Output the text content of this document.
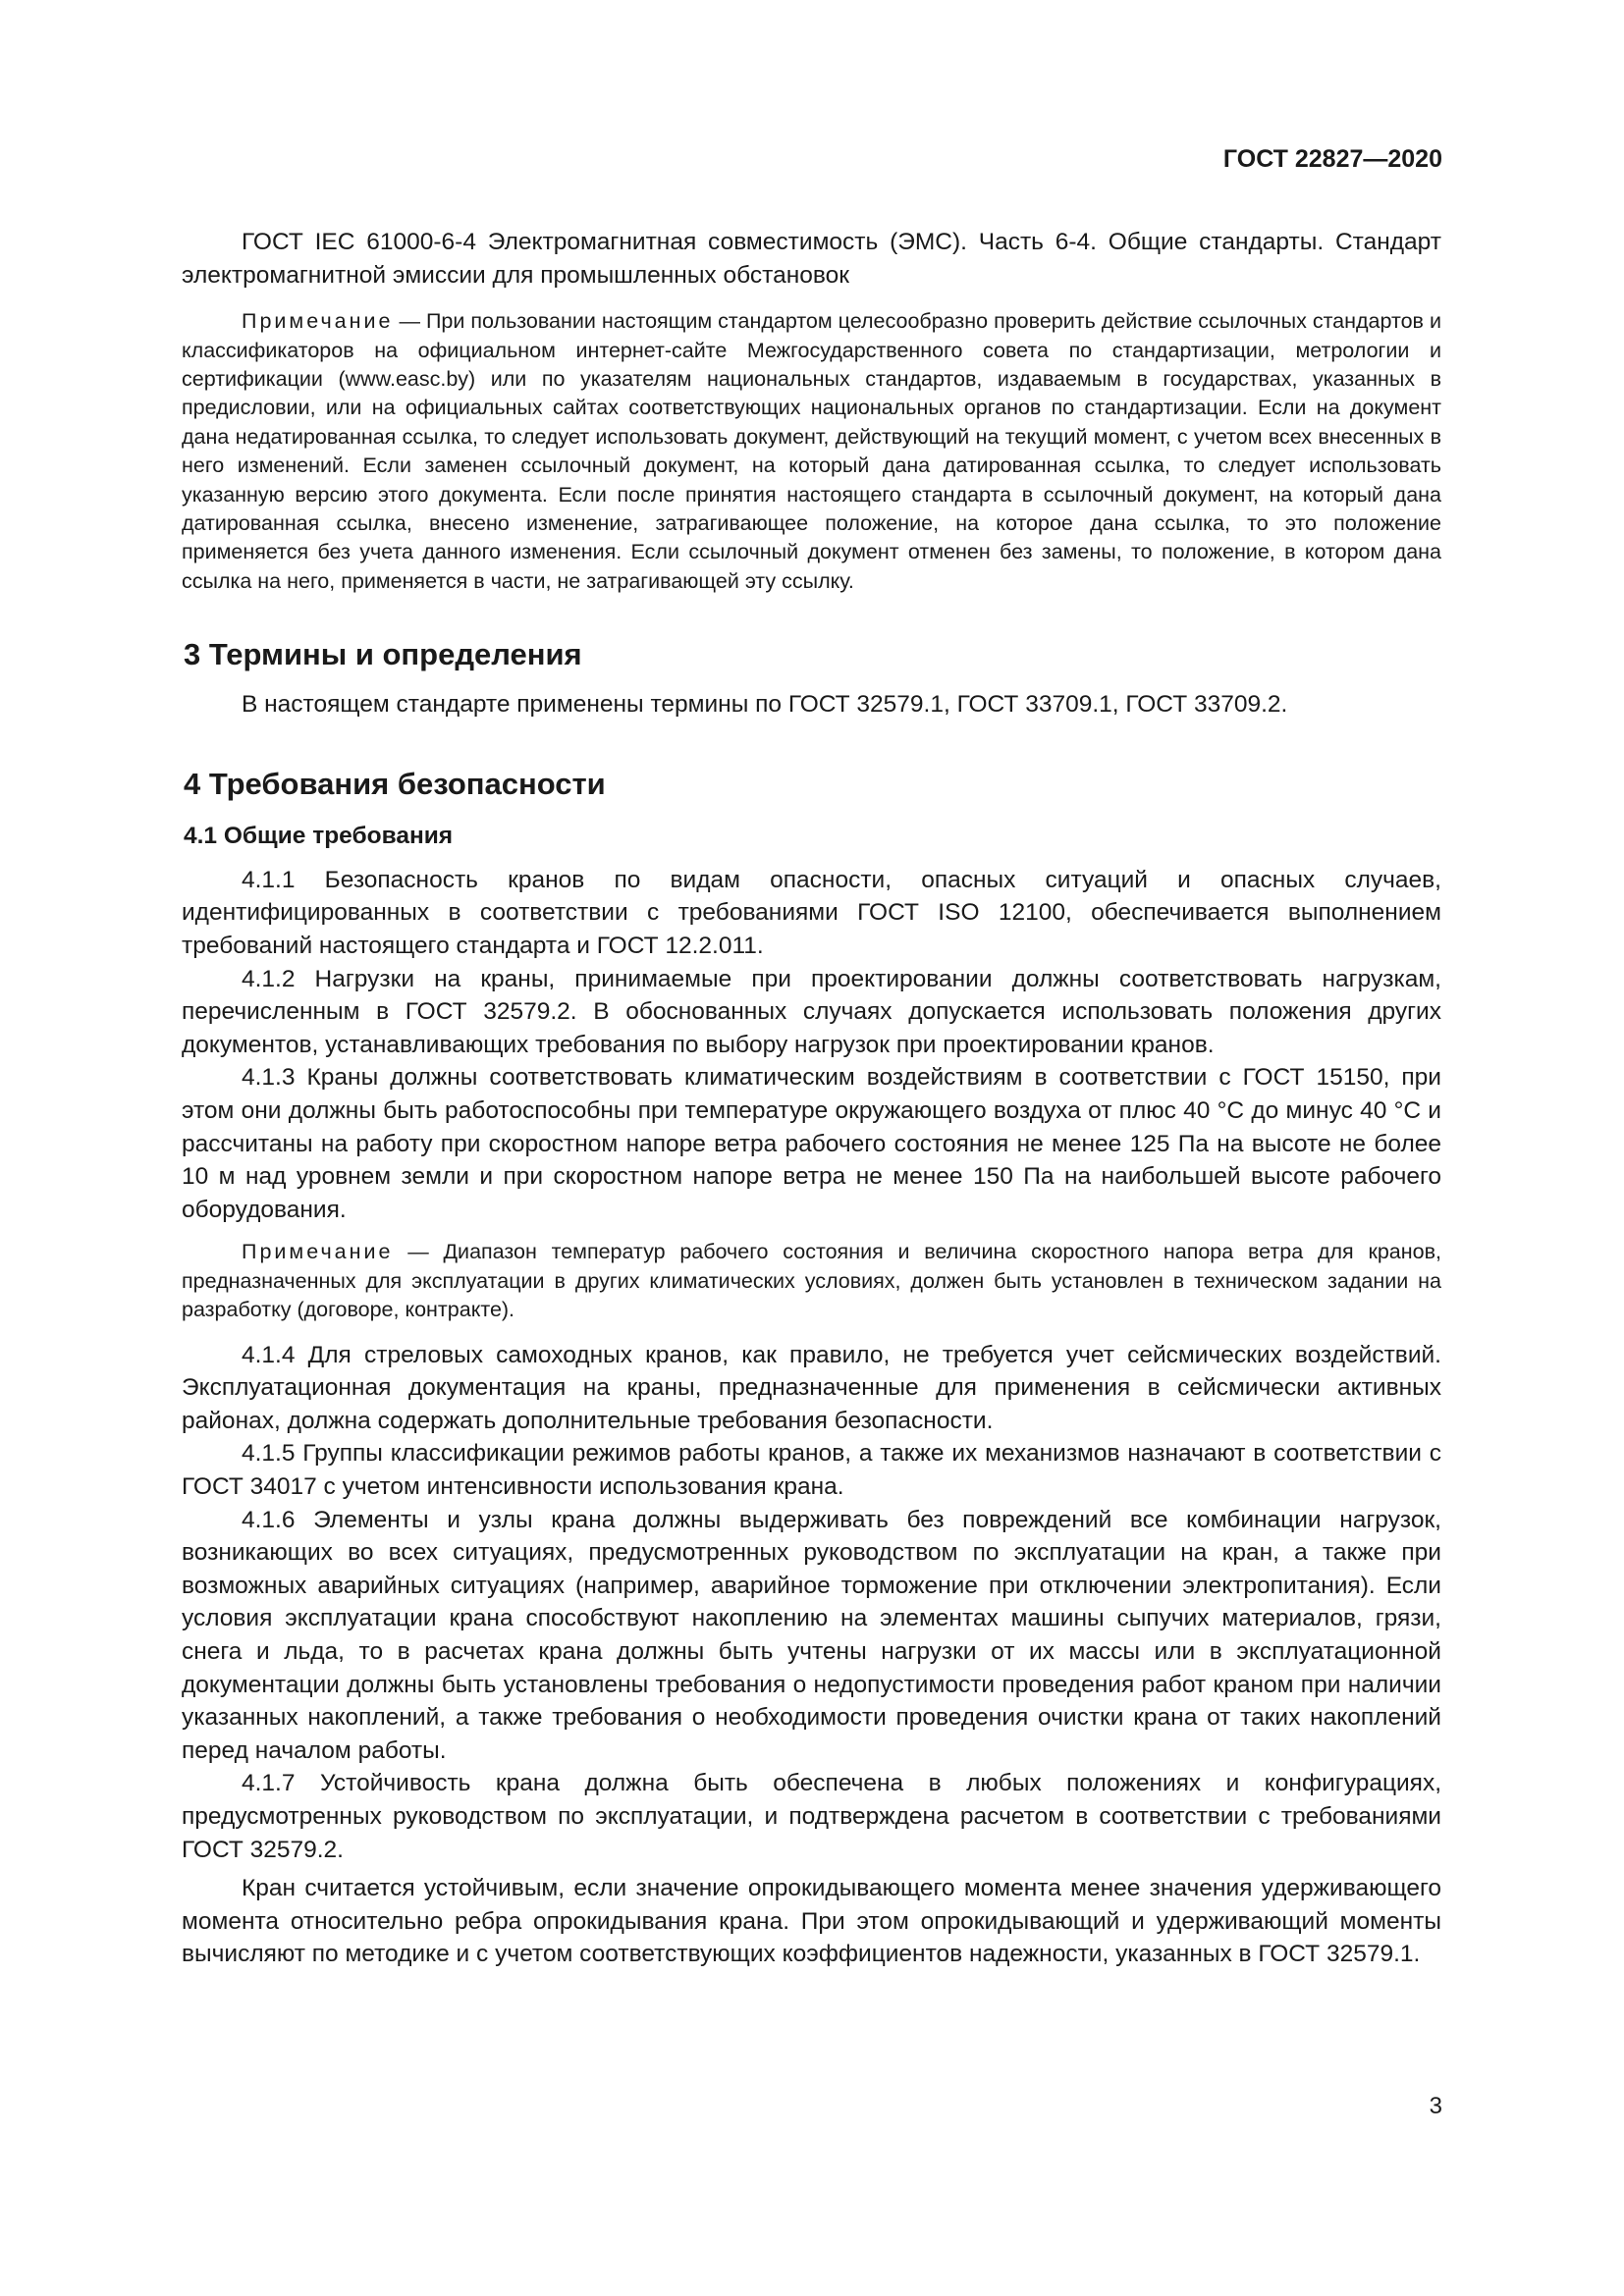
ГОСТ 22827—2020

ГОСТ IEC 61000-6-4 Электромагнитная совместимость (ЭМС). Часть 6-4. Общие стандарты. Стандарт электромагнитной эмиссии для промышленных обстановок

Примечание — При пользовании настоящим стандартом целесообразно проверить действие ссылочных стандартов и классификаторов на официальном интернет-сайте Межгосударственного совета по стандартизации, метрологии и сертификации (www.easc.by) или по указателям национальных стандартов, издаваемым в государствах, указанных в предисловии, или на официальных сайтах соответствующих национальных органов по стандартизации. Если на документ дана недатированная ссылка, то следует использовать документ, действующий на текущий момент, с учетом всех внесенных в него изменений. Если заменен ссылочный документ, на который дана датированная ссылка, то следует использовать указанную версию этого документа. Если после принятия настоящего стандарта в ссылочный документ, на который дана датированная ссылка, внесено изменение, затрагивающее положение, на которое дана ссылка, то это положение применяется без учета данного изменения. Если ссылочный документ отменен без замены, то положение, в котором дана ссылка на него, применяется в части, не затрагивающей эту ссылку.

3 Термины и определения

В настоящем стандарте применены термины по ГОСТ 32579.1, ГОСТ 33709.1, ГОСТ 33709.2.

4 Требования безопасности
4.1 Общие требования

4.1.1 Безопасность кранов по видам опасности, опасных ситуаций и опасных случаев, идентифицированных в соответствии с требованиями ГОСТ ISO 12100, обеспечивается выполнением требований настоящего стандарта и ГОСТ 12.2.011.

4.1.2 Нагрузки на краны, принимаемые при проектировании должны соответствовать нагрузкам, перечисленным в ГОСТ 32579.2. В обоснованных случаях допускается использовать положения других документов, устанавливающих требования по выбору нагрузок при проектировании кранов.

4.1.3 Краны должны соответствовать климатическим воздействиям в соответствии с ГОСТ 15150, при этом они должны быть работоспособны при температуре окружающего воздуха от плюс 40 °С до минус 40 °С и рассчитаны на работу при скоростном напоре ветра рабочего состояния не менее 125 Па на высоте не более 10 м над уровнем земли и при скоростном напоре ветра не менее 150 Па на наибольшей высоте рабочего оборудования.

Примечание — Диапазон температур рабочего состояния и величина скоростного напора ветра для кранов, предназначенных для эксплуатации в других климатических условиях, должен быть установлен в техническом задании на разработку (договоре, контракте).

4.1.4 Для стреловых самоходных кранов, как правило, не требуется учет сейсмических воздействий. Эксплуатационная документация на краны, предназначенные для применения в сейсмически активных районах, должна содержать дополнительные требования безопасности.

4.1.5 Группы классификации режимов работы кранов, а также их механизмов назначают в соответствии с ГОСТ 34017 с учетом интенсивности использования крана.

4.1.6 Элементы и узлы крана должны выдерживать без повреждений все комбинации нагрузок, возникающих во всех ситуациях, предусмотренных руководством по эксплуатации на кран, а также при возможных аварийных ситуациях (например, аварийное торможение при отключении электропитания). Если условия эксплуатации крана способствуют накоплению на элементах машины сыпучих материалов, грязи, снега и льда, то в расчетах крана должны быть учтены нагрузки от их массы или в эксплуатационной документации должны быть установлены требования о недопустимости проведения работ краном при наличии указанных накоплений, а также требования о необходимости проведения очистки крана от таких накоплений перед началом работы.

4.1.7 Устойчивость крана должна быть обеспечена в любых положениях и конфигурациях, предусмотренных руководством по эксплуатации, и подтверждена расчетом в соответствии с требованиями ГОСТ 32579.2.

Кран считается устойчивым, если значение опрокидывающего момента менее значения удерживающего момента относительно ребра опрокидывания крана. При этом опрокидывающий и удерживающий моменты вычисляют по методике и с учетом соответствующих коэффициентов надежности, указанных в ГОСТ 32579.1.

3
